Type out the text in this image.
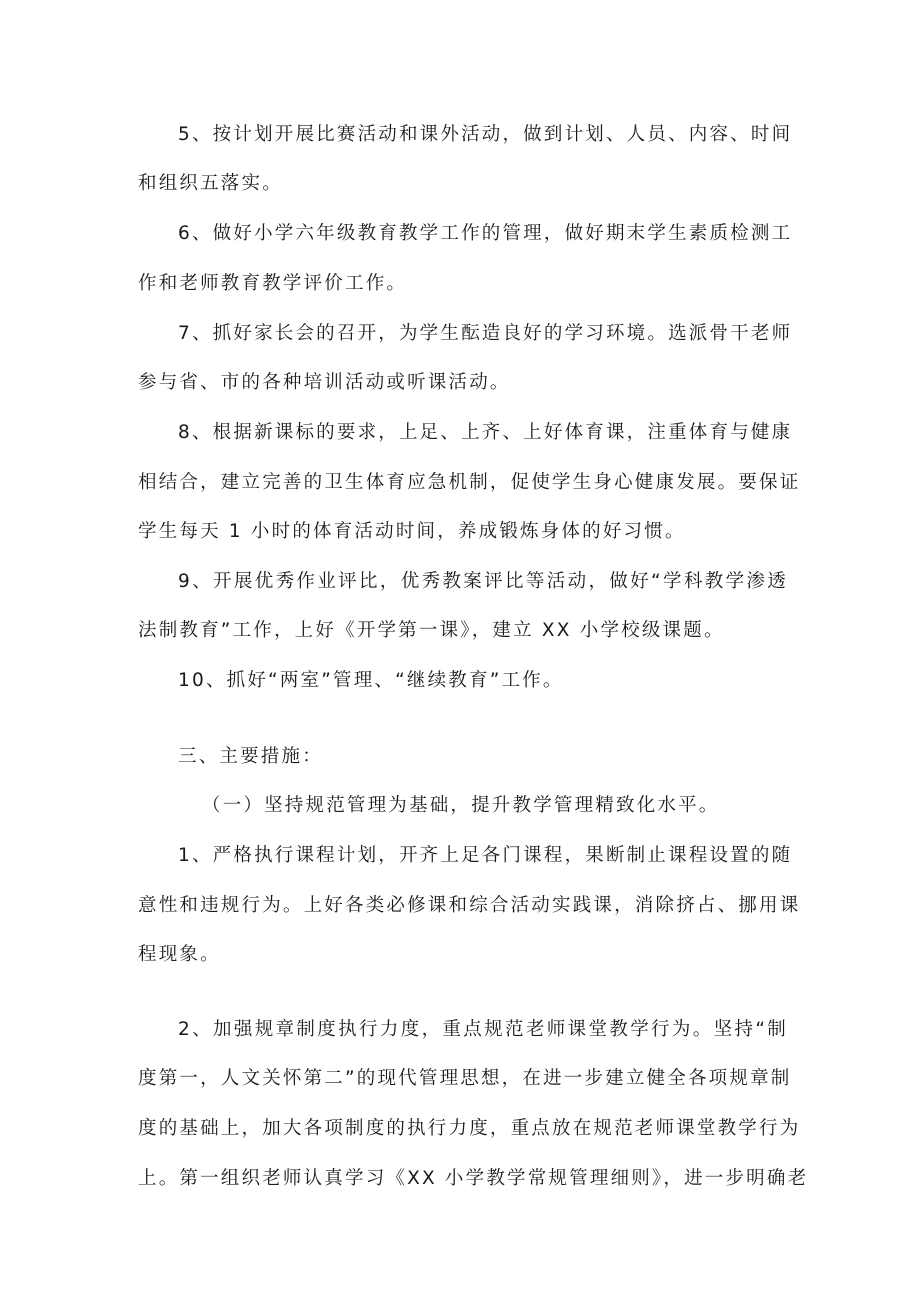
5、按计划开展比赛活动和课外活动，做到计划、人员、内容、时间
和组织五落实。
6、做好小学六年级教育教学工作的管理，做好期末学生素质检测工
作和老师教育教学评价工作。
7、抓好家长会的召开，为学生酝造良好的学习环境。选派骨干老师
参与省、市的各种培训活动或听课活动。
8、根据新课标的要求，上足、上齐、上好体育课，注重体育与健康
相结合，建立完善的卫生体育应急机制，促使学生身心健康发展。要保证
学生每天 1 小时的体育活动时间，养成锻炼身体的好习惯。
9、开展优秀作业评比，优秀教案评比等活动，做好“学科教学渗透
法制教育”工作，上好《开学第一课》，建立 XX 小学校级课题。
10、抓好“两室”管理、“继续教育”工作。
三、主要措施：
（一）坚持规范管理为基础，提升教学管理精致化水平。
1、严格执行课程计划，开齐上足各门课程，果断制止课程设置的随
意性和违规行为。上好各类必修课和综合活动实践课，消除挤占、挪用课
程现象。
2、加强规章制度执行力度，重点规范老师课堂教学行为。坚持“制
度第一，人文关怀第二”的现代管理思想，在进一步建立健全各项规章制
度的基础上，加大各项制度的执行力度，重点放在规范老师课堂教学行为
上。第一组织老师认真学习《XX 小学教学常规管理细则》，进一步明确老
